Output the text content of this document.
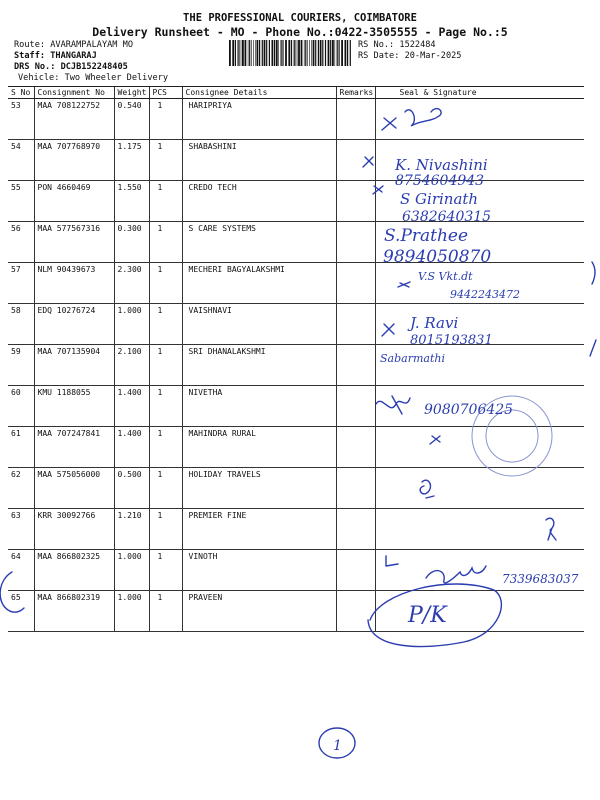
THE PROFESSIONAL COURIERS, COIMBATORE
Delivery Runsheet - MO - Phone No.:0422-3505555 - Page No.:5
Route: AVARAMPALAYAM MO
Staff: THANGARAJ
DRS No.: DCJB152248405
Vehicle: Two Wheeler Delivery
RS No.: 1522484
RS Date: 20-Mar-2025
S No	Consignment No	Weight	PCS	Consignee Details	Remarks	Seal & Signature
53	MAA 708122752	0.540	1	HARIPRIYA		
54	MAA 707768970	1.175	1	SHABASHINI		
55	PON 4660469	1.550	1	CREDO TECH		
56	MAA 577567316	0.300	1	S CARE SYSTEMS		
57	NLM 90439673	2.300	1	MECHERI BAGYALAKSHMI		
58	EDQ 10276724	1.000	1	VAISHNAVI		
59	MAA 707135904	2.100	1	SRI DHANALAKSHMI		
60	KMU 1188055	1.400	1	NIVETHA		
61	MAA 707247841	1.400	1	MAHINDRA RURAL		
62	MAA 575056000	0.500	1	HOLIDAY TRAVELS		
63	KRR 30092766	1.210	1	PREMIER FINE		
64	MAA 866802325	1.000	1	VINOTH		
65	MAA 866802319	1.000	1	PRAVEEN		
K. Nivashini
8754604943
S Girinath
6382640315
S.Prathee
9894050870
V.S Vkt.dt
9442243472
J. Ravi
8015193831
Sabarmathi
9080706425
7339683037
P/K
1
